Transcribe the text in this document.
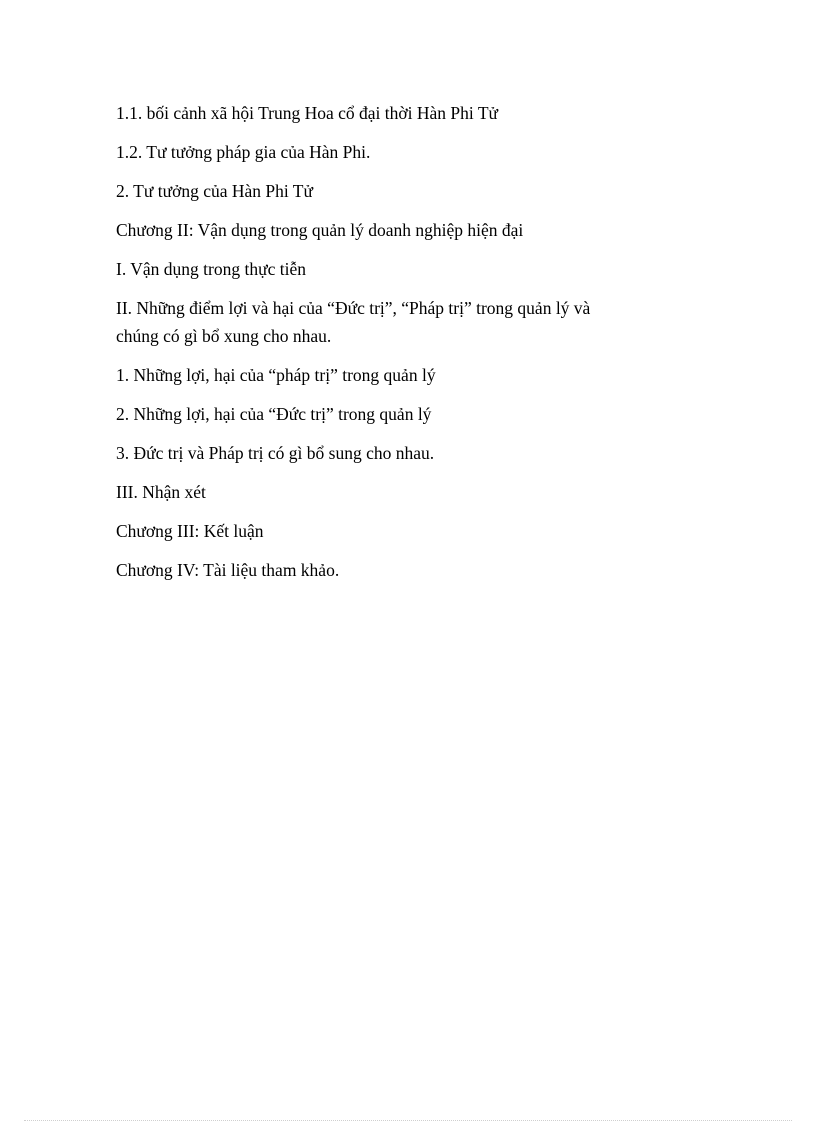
1.1. bối cảnh xã hội Trung Hoa cổ đại thời Hàn Phi Tử

1.2. Tư tưởng pháp gia của Hàn Phi.

2. Tư tưởng của Hàn Phi Tử

Chương II: Vận dụng trong quản lý doanh nghiệp hiện đại

I. Vận dụng trong thực tiễn

II. Những điểm lợi và hại của “Đức trị”, “Pháp trị” trong quản lý và

chúng có gì bổ xung cho nhau.

1. Những lợi, hại của “pháp trị” trong quản lý

2. Những lợi, hại của “Đức trị” trong quản lý

3. Đức trị và Pháp trị có gì bổ sung cho nhau.

III. Nhận xét

Chương III: Kết luận

Chương IV: Tài liệu tham khảo.
